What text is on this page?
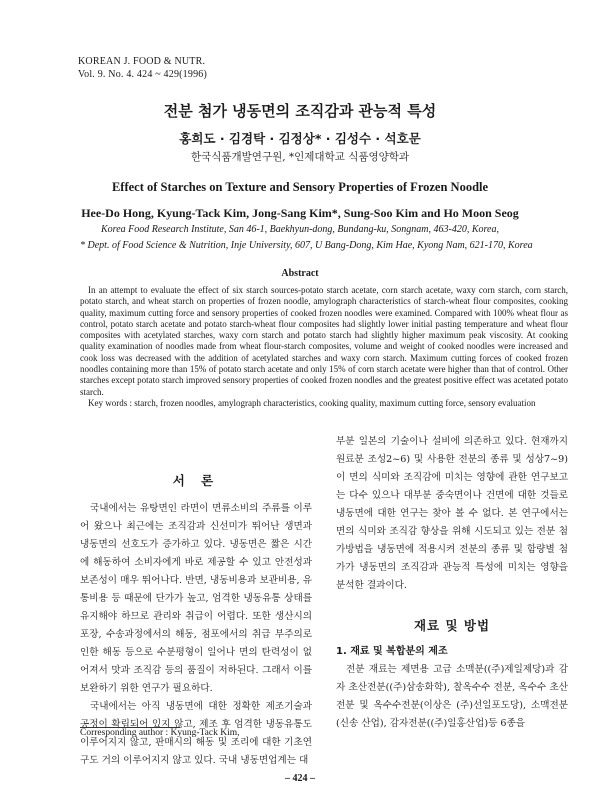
KOREAN J. FOOD & NUTR.
Vol. 9. No. 4. 424 ~ 429(1996)
전분 첨가 냉동면의 조직감과 관능적 특성
홍희도 · 김경탁 · 김정상* · 김성수 · 석호문
한국식품개발연구원, *인제대학교 식품영양학과
Effect of Starches on Texture and Sensory Properties of Frozen Noodle
Hee-Do Hong, Kyung-Tack Kim, Jong-Sang Kim*, Sung-Soo Kim and Ho Moon Seog
Korea Food Research Institute, San 46-1, Baekhyun-dong, Bundang-ku, Songnam, 463-420, Korea,
* Dept. of Food Science & Nutrition, Inje University, 607, U Bang-Dong, Kim Hae, Kyong Nam, 621-170, Korea
Abstract

In an attempt to evaluate the effect of six starch sources-potato starch acetate, corn starch acetate, waxy corn starch, corn starch, potato starch, and wheat starch on properties of frozen noodle, amylograph characteristics of starch-wheat flour composites, cooking quality, maximum cutting force and sensory properties of cooked frozen noodles were examined. Compared with 100% wheat flour as control, potato starch acetate and potato starch-wheat flour composites had slightly lower initial pasting temperature and wheat flour composites with acetylated starches, waxy corn starch and potato starch had slightly higher maximum peak viscosity. At cooking quality examination of noodles made from wheat flour-starch composites, volume and weight of cooked noodles were increased and cook loss was decreased with the addition of acetylated starches and waxy corn starch. Maximum cutting forces of cooked frozen noodles containing more than 15% of potato starch acetate and only 15% of corn starch acetate were higher than that of control. Other starches except potato starch improved sensory properties of cooked frozen noodles and the greatest positive effect was acetated potato starch.

Key words : starch, frozen noodles, amylograph characteristics, cooking quality, maximum cutting force, sensory evaluation

서 론

국내에서는 유탕면인 라면이 면류소비의 주류를 이루어 왔으나 최근에는 조직감과 신선미가 뛰어난 생면과 냉동면의 선호도가 증가하고 있다. 냉동면은 짧은 시간에 해동하여 소비자에게 바로 제공할 수 있고 안전성과 보존성이 매우 뛰어나다. 반면, 냉동비용과 보관비용, 유통비용 등 때문에 단가가 높고, 엄격한 냉동유통 상태를 유지해야 하므로 관리와 취급이 어렵다. 또한 생산시의 포장, 수송과정에서의 해동, 점포에서의 취급 부주의로 인한 해동 등으로 수분평형이 일어나 면의 탄력성이 없어져서 맛과 조직감 등의 품질이 저하된다. 그래서 이를 보완하기 위한 연구가 필요하다.

국내에서는 아직 냉동면에 대한 정확한 제조기술과 공정이 확립되어 있지 않고, 제조 후 엄격한 냉동유통도 이루어지지 않고, 판매시의 해동 및 조리에 대한 기초연구도 거의 이루어지지 않고 있다. 국내 냉동면업계는 대

부분 일본의 기술이나 설비에 의존하고 있다. 현재까지 원료분 조성2~6) 및 사용한 전분의 종류 및 성상7~9)이 면의 식미와 조직감에 미치는 영향에 관한 연구보고는 다수 있으나 대부분 중숙면이나 건면에 대한 것들로 냉동면에 대한 연구는 찾아 볼 수 없다. 본 연구에서는 면의 식미와 조직감 향상을 위해 시도되고 있는 전분 첨가방법을 냉동면에 적용시켜 전분의 종류 및 함량별 첨가가 냉동면의 조직감과 관능적 특성에 미치는 영향을 분석한 결과이다.

재료 및 방법
1. 재료 및 복합분의 제조

전분 재료는 제면용 고급 소맥분((주)제일제당)과 감자 초산전분((주)삼송화학), 찰옥수수 전분, 옥수수 초산전분 및 옥수수전분(이상은 (주)선일포도당), 소맥전분(신송 산업), 감자전분((주)일홍산업)등 6종을

Corresponding author : Kyung-Tack Kim,
– 424 –
